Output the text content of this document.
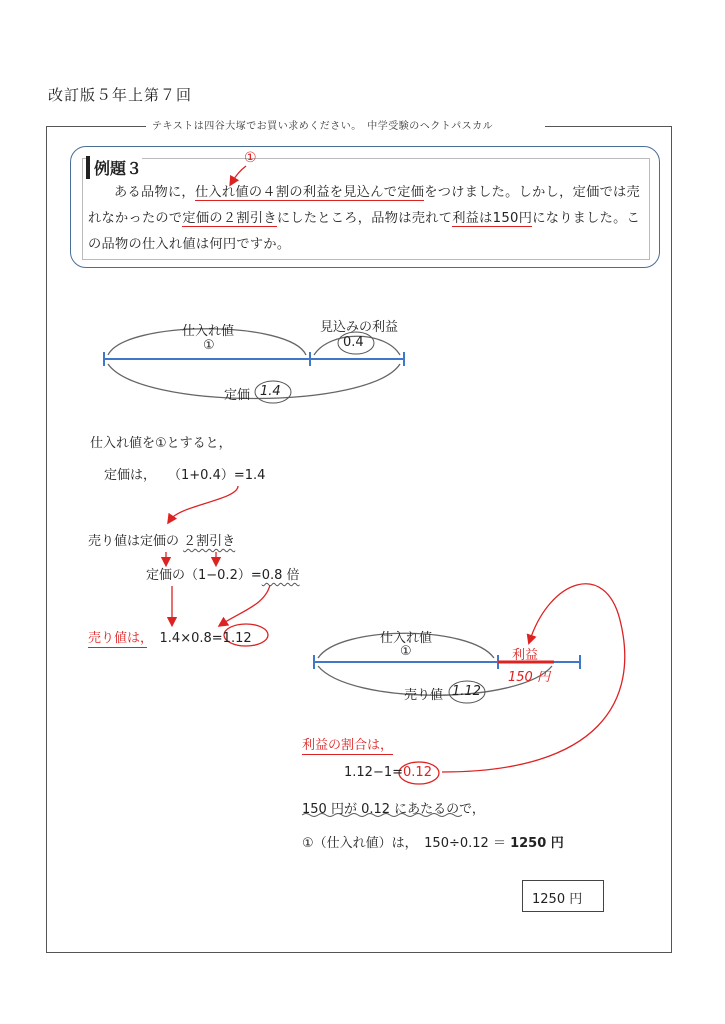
改訂版５年上第７回
テキストは四谷大塚でお買い求めください。　中学受験のヘクトパスカル
例題３
①
ある品物に，仕入れ値の４割の利益を見込んで定価をつけました。しかし，定価では売れなかったので定価の２割引きにしたところ，品物は売れて利益は150円になりました。この品物の仕入れ値は何円ですか。
仕入れ値
①
見込みの利益
0.4
定価 1.4
仕入れ値を①とすると，
定価は， （1+0.4）=1.4
売り値は定価の ２割引き
定価の（1−0.2）=0.8 倍
売り値は，　 1.4×0.8=1.12	仕入れ値
①	利益
150 円
売り値 1.12
利益の割合は，
1.12−1=0.12
150 円が 0.12 にあたるので，
①（仕入れ値）は，　150÷0.12 ＝ 1250 円
1250 円
